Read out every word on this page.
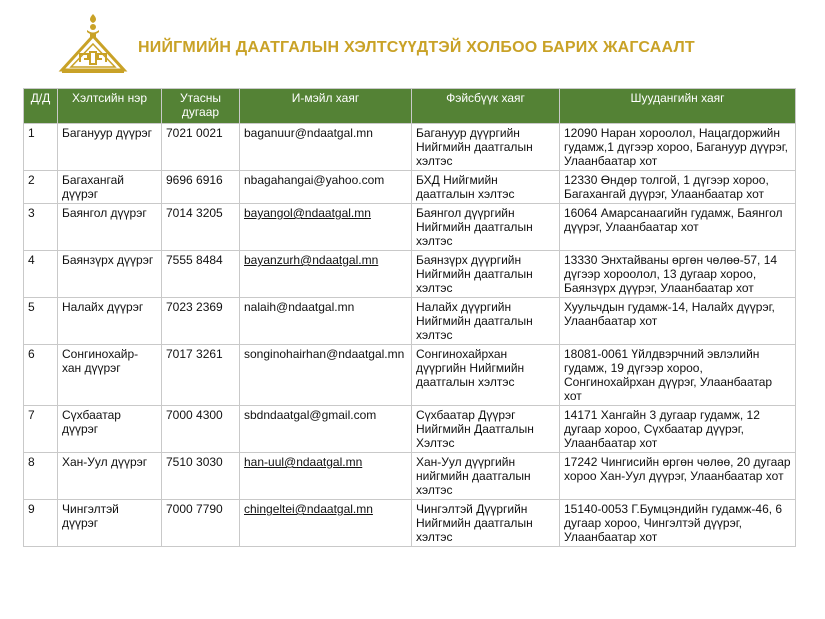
НИЙГМИЙН ДААТГАЛЫН ХЭЛТСҮҮДТЭЙ ХОЛБОО БАРИХ ЖАГСААЛТ
Д/Д	Хэлтсийн нэр	Утасны дугаар	И-мэйл хаяг	Фэйсбүүк хаяг	Шуудангийн хаяг
1	Багануур дүүрэг	7021 0021	baganuur@ndaatgal.mn	Багануур дүүргийн Нийгмийн даатгалын хэлтэс	12090 Наран хороолол, Нацагдоржийн гудамж,1 дүгээр хороо, Багануур дүүрэг, Улаанбаатар хот
2	Багахангай дүүрэг	9696 6916	nbagahangai@yahoo.com	БХД Нийгмийн даатгалын хэлтэс	12330 Өндөр толгой, 1 дүгээр хороо, Багахангай дүүрэг, Улаанбаатар хот
3	Баянгол дүүрэг	7014 3205	bayangol@ndaatgal.mn	Баянгол дүүргийн Нийгмийн даатгалын хэлтэс	16064 Амарсанаагийн гудамж, Баянгол дүүрэг, Улаанбаатар хот
4	Баянзүрх дүүрэг	7555 8484	bayanzurh@ndaatgal.mn	Баянзүрх дүүргийн Нийгмийн даатгалын хэлтэс	13330 Энхтайваны өргөн чөлөө-57, 14 дүгээр хороолол, 13 дугаар хороо, Баянзүрх дүүрэг, Улаанбаатар хот
5	Налайх дүүрэг	7023 2369	nalaih@ndaatgal.mn	Налайх дүүргийн Нийгмийн даатгалын хэлтэс	Хуульчдын гудамж-14, Налайх дүүрэг, Улаанбаатар хот
6	Сонгинохайр-хан дүүрэг	7017 3261	songinohairhan@ndaatgal.mn	Сонгинохайрхан дүүргийн Нийгмийн даатгалын хэлтэс	18081-0061 Үйлдвэрчний эвлэлийн гудамж, 19 дүгээр хороо, Сонгинохайрхан дүүрэг, Улаанбаатар хот
7	Сүхбаатар дүүрэг	7000 4300	sbdndaatgal@gmail.com	Сүхбаатар Дүүрэг Нийгмийн Даатгалын Хэлтэс	14171 Хангайн 3 дугаар гудамж, 12 дугаар хороо, Сүхбаатар дүүрэг, Улаанбаатар хот
8	Хан-Уул дүүрэг	7510 3030	han-uul@ndaatgal.mn	Хан-Уул дүүргийн нийгмийн даатгалын хэлтэс	17242 Чингисийн өргөн чөлөө, 20 дугаар хороо Хан-Уул дүүрэг, Улаанбаатар хот
9	Чингэлтэй дүүрэг	7000 7790	chingeltei@ndaatgal.mn	Чингэлтэй Дүүргийн Нийгмийн даатгалын хэлтэс	15140-0053 Г.Бумцэндийн гудамж-46, 6 дугаар хороо, Чингэлтэй дүүрэг, Улаанбаатар хот
